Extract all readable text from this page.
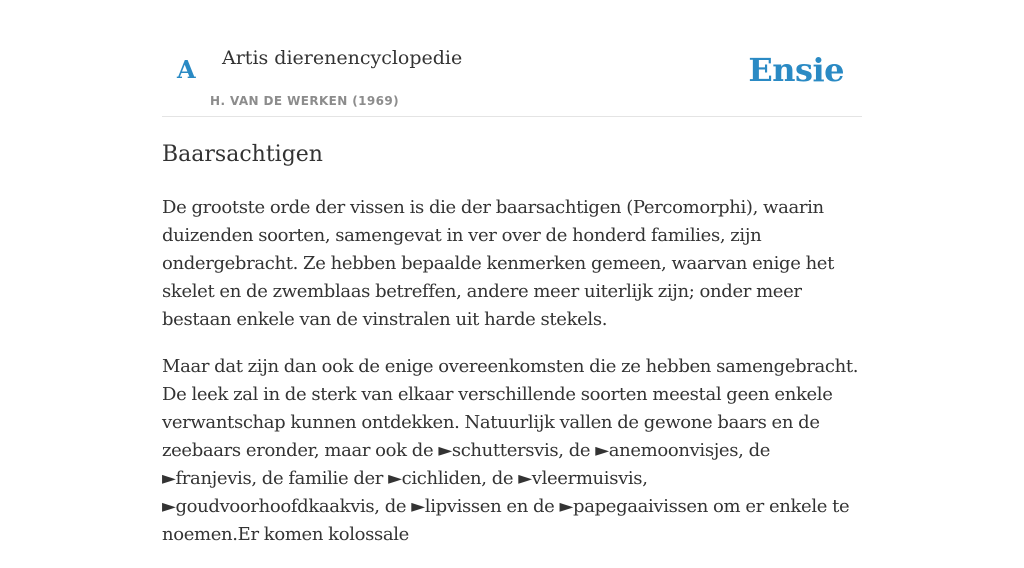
A Artis dierenencyclopedie
H. VAN DE WERKEN (1969)
Ensie
Baarsachtigen

De grootste orde der vissen is die der baarsachtigen (Percomorphi), waarin duizenden soorten, samengevat in ver over de honderd families, zijn ondergebracht. Ze hebben bepaalde kenmerken gemeen, waarvan enige het skelet en de zwemblaas betreffen, andere meer uiterlijk zijn; onder meer bestaan enkele van de vinstralen uit harde stekels.

Maar dat zijn dan ook de enige overeenkomsten die ze hebben samengebracht. De leek zal in de sterk van elkaar verschillende soorten meestal geen enkele verwantschap kunnen ontdekken. Natuurlijk vallen de gewone baars en de zeebaars eronder, maar ook de ►schuttersvis, de ►anemoonvisjes, de ►franjevis, de familie der ►cichliden, de ►vleermuisvis, ►goudvoorhoofdkaakvis, de ►lipvissen en de ►papegaaivissen om er enkele te noemen.Er komen kolossale
